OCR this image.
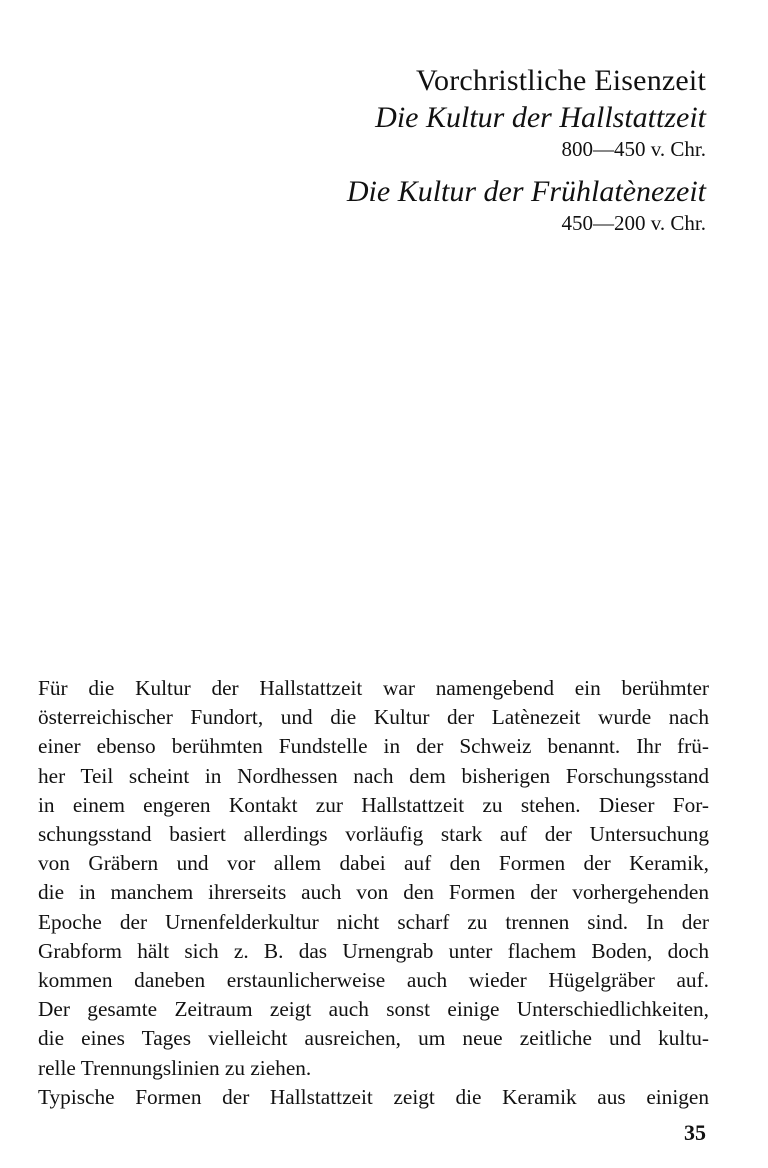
Vorchristliche Eisenzeit
Die Kultur der Hallstattzeit
800—450 v. Chr.
Die Kultur der Frühlatènezeit
450—200 v. Chr.
Für die Kultur der Hallstattzeit war namengebend ein berühmter
österreichischer Fundort, und die Kultur der Latènezeit wurde nach
einer ebenso berühmten Fundstelle in der Schweiz benannt. Ihr frü-
her Teil scheint in Nordhessen nach dem bisherigen Forschungsstand
in einem engeren Kontakt zur Hallstattzeit zu stehen. Dieser For-
schungsstand basiert allerdings vorläufig stark auf der Untersuchung
von Gräbern und vor allem dabei auf den Formen der Keramik,
die in manchem ihrerseits auch von den Formen der vorhergehenden
Epoche der Urnenfelderkultur nicht scharf zu trennen sind. In der
Grabform hält sich z. B. das Urnengrab unter flachem Boden, doch
kommen daneben erstaunlicherweise auch wieder Hügelgräber auf.
Der gesamte Zeitraum zeigt auch sonst einige Unterschiedlichkeiten,
die eines Tages vielleicht ausreichen, um neue zeitliche und kultu-
relle Trennungslinien zu ziehen.
Typische Formen der Hallstattzeit zeigt die Keramik aus einigen
35
